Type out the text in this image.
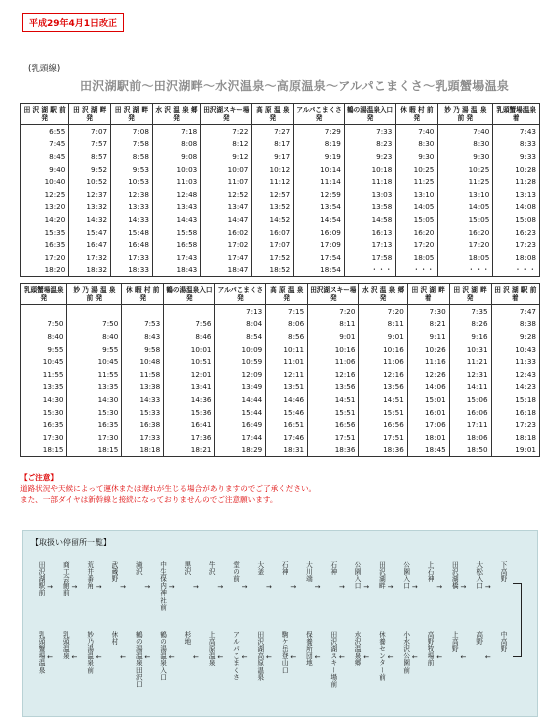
平成29年4月1日改正
(乳頭線)
田沢湖駅前～田沢湖畔～水沢温泉～高原温泉～アルパこまくさ～乳頭蟹場温泉
田 沢 湖 駅 前 発	田 沢 湖 畔 発	田 沢 湖 畔 発	水 沢 温 泉 郷 発	田沢湖スキー場 発	高 原 温 泉 発	アルパこまくさ 発	鶴の湯温泉入口 発	休 暇 村 前 発	妙 乃 湯 温 泉 前 発	乳頭蟹場温泉 着
6:55	7:07	7:08	7:18	7:22	7:27	7:29	7:33	7:40	7:40	7:43
7:45	7:57	7:58	8:08	8:12	8:17	8:19	8:23	8:30	8:30	8:33
8:45	8:57	8:58	9:08	9:12	9:17	9:19	9:23	9:30	9:30	9:33
9:40	9:52	9:53	10:03	10:07	10:12	10:14	10:18	10:25	10:25	10:28
10:40	10:52	10:53	11:03	11:07	11:12	11:14	11:18	11:25	11:25	11:28
12:25	12:37	12:38	12:48	12:52	12:57	12:59	13:03	13:10	13:10	13:13
13:20	13:32	13:33	13:43	13:47	13:52	13:54	13:58	14:05	14:05	14:08
14:20	14:32	14:33	14:43	14:47	14:52	14:54	14:58	15:05	15:05	15:08
15:35	15:47	15:48	15:58	16:02	16:07	16:09	16:13	16:20	16:20	16:23
16:35	16:47	16:48	16:58	17:02	17:07	17:09	17:13	17:20	17:20	17:23
17:20	17:32	17:33	17:43	17:47	17:52	17:54	17:58	18:05	18:05	18:08
18:20	18:32	18:33	18:43	18:47	18:52	18:54	・・・	・・・	・・・	・・・
乳頭蟹場温泉 発	妙 乃 湯 温 泉 前 発	休 暇 村 前 発	鶴の湯温泉入口 発	アルパこまくさ 発	高 原 温 泉 発	田沢湖スキー場 発	水 沢 温 泉 郷 発	田 沢 湖 畔 着	田 沢 湖 畔 発	田 沢 湖 駅 前 着
				7:13	7:15	7:20	7:20	7:30	7:35	7:47
7:50	7:50	7:53	7:56	8:04	8:06	8:11	8:11	8:21	8:26	8:38
8:40	8:40	8:43	8:46	8:54	8:56	9:01	9:01	9:11	9:16	9:28
9:55	9:55	9:58	10:01	10:09	10:11	10:16	10:16	10:26	10:31	10:43
10:45	10:45	10:48	10:51	10:59	11:01	11:06	11:06	11:16	11:21	11:33
11:55	11:55	11:58	12:01	12:09	12:11	12:16	12:16	12:26	12:31	12:43
13:35	13:35	13:38	13:41	13:49	13:51	13:56	13:56	14:06	14:11	14:23
14:30	14:30	14:33	14:36	14:44	14:46	14:51	14:51	15:01	15:06	15:18
15:30	15:30	15:33	15:36	15:44	15:46	15:51	15:51	16:01	16:06	16:18
16:35	16:35	16:38	16:41	16:49	16:51	16:56	16:56	17:06	17:11	17:23
17:30	17:30	17:33	17:36	17:44	17:46	17:51	17:51	18:01	18:06	18:18
18:15	18:15	18:18	18:21	18:29	18:31	18:36	18:36	18:45	18:50	19:01
【ご注意】
道路状況や天候によって運休または遅れが生じる場合がありますのでご了承ください。
また、一部ダイヤは新幹線と接続になっておりませんのでご注意願います。
【取扱い停留所一覧】
田沢湖駅前 → 商工会館前 → 荒井番角 →
武蔵野
→
滝沢
→ 中生保内神社前 →
黒沢
→
牛沢
→
堂の前
→
大釜
→
石神
→
大川端
→
石神
→ 公園入口 → 田沢湖畔 → 公園入口 →
上石神
→ 田沢湖橋 → 大松入口 →
下高野
乳頭蟹場温泉 ← 乳頭温泉 ← 妙乃湯温泉前 ←
休村
← 鶴の湯温泉田沢口 ← 鶴の湯温泉入口 ←
杉地
← 上高原温泉 ← アルパこまくさ ← 田沢湖高原温泉 ← 駒ケ岳登山口 ← 保養所団地 ← 田沢湖スキー場前 ← 水沢温泉郷 ← 休養センター前 ← 小水沢公園前 ← 高野牧場前 ←
上高野
←
高野
←
中高野
